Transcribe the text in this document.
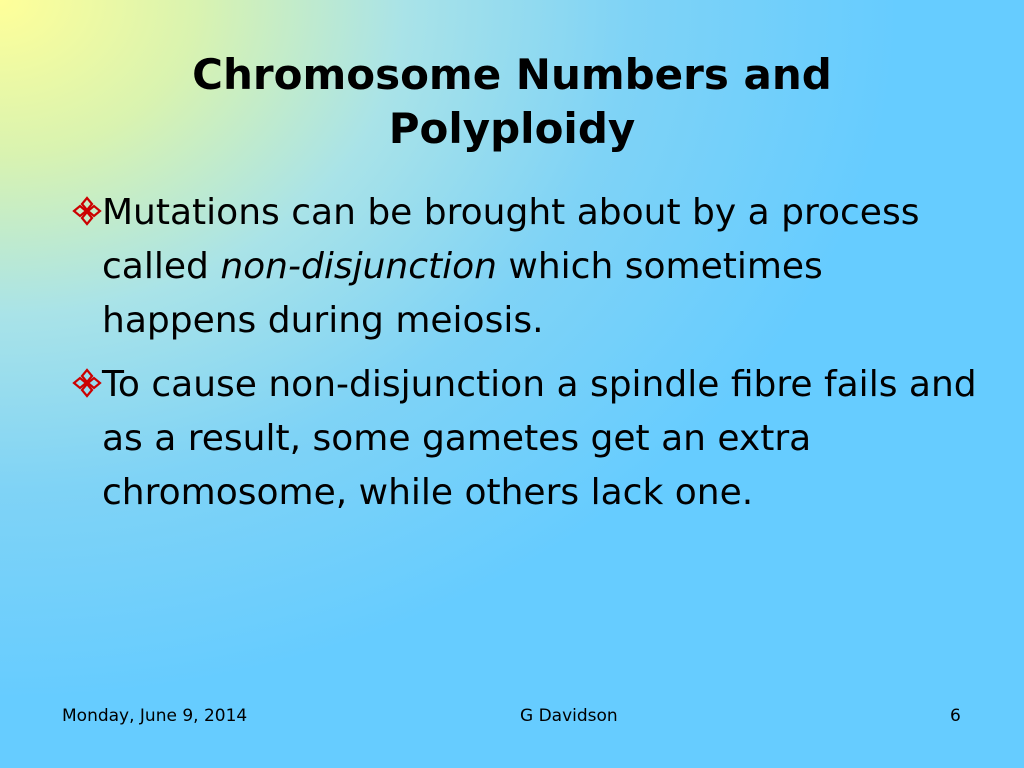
Chromosome Numbers and
Polyploidy
Mutations can be brought about by a process called non-disjunction which sometimes happens during meiosis.
To cause non-disjunction a spindle fibre fails and as a result, some gametes get an extra chromosome, while others lack one.
Monday, June 9, 2014	G Davidson	6
